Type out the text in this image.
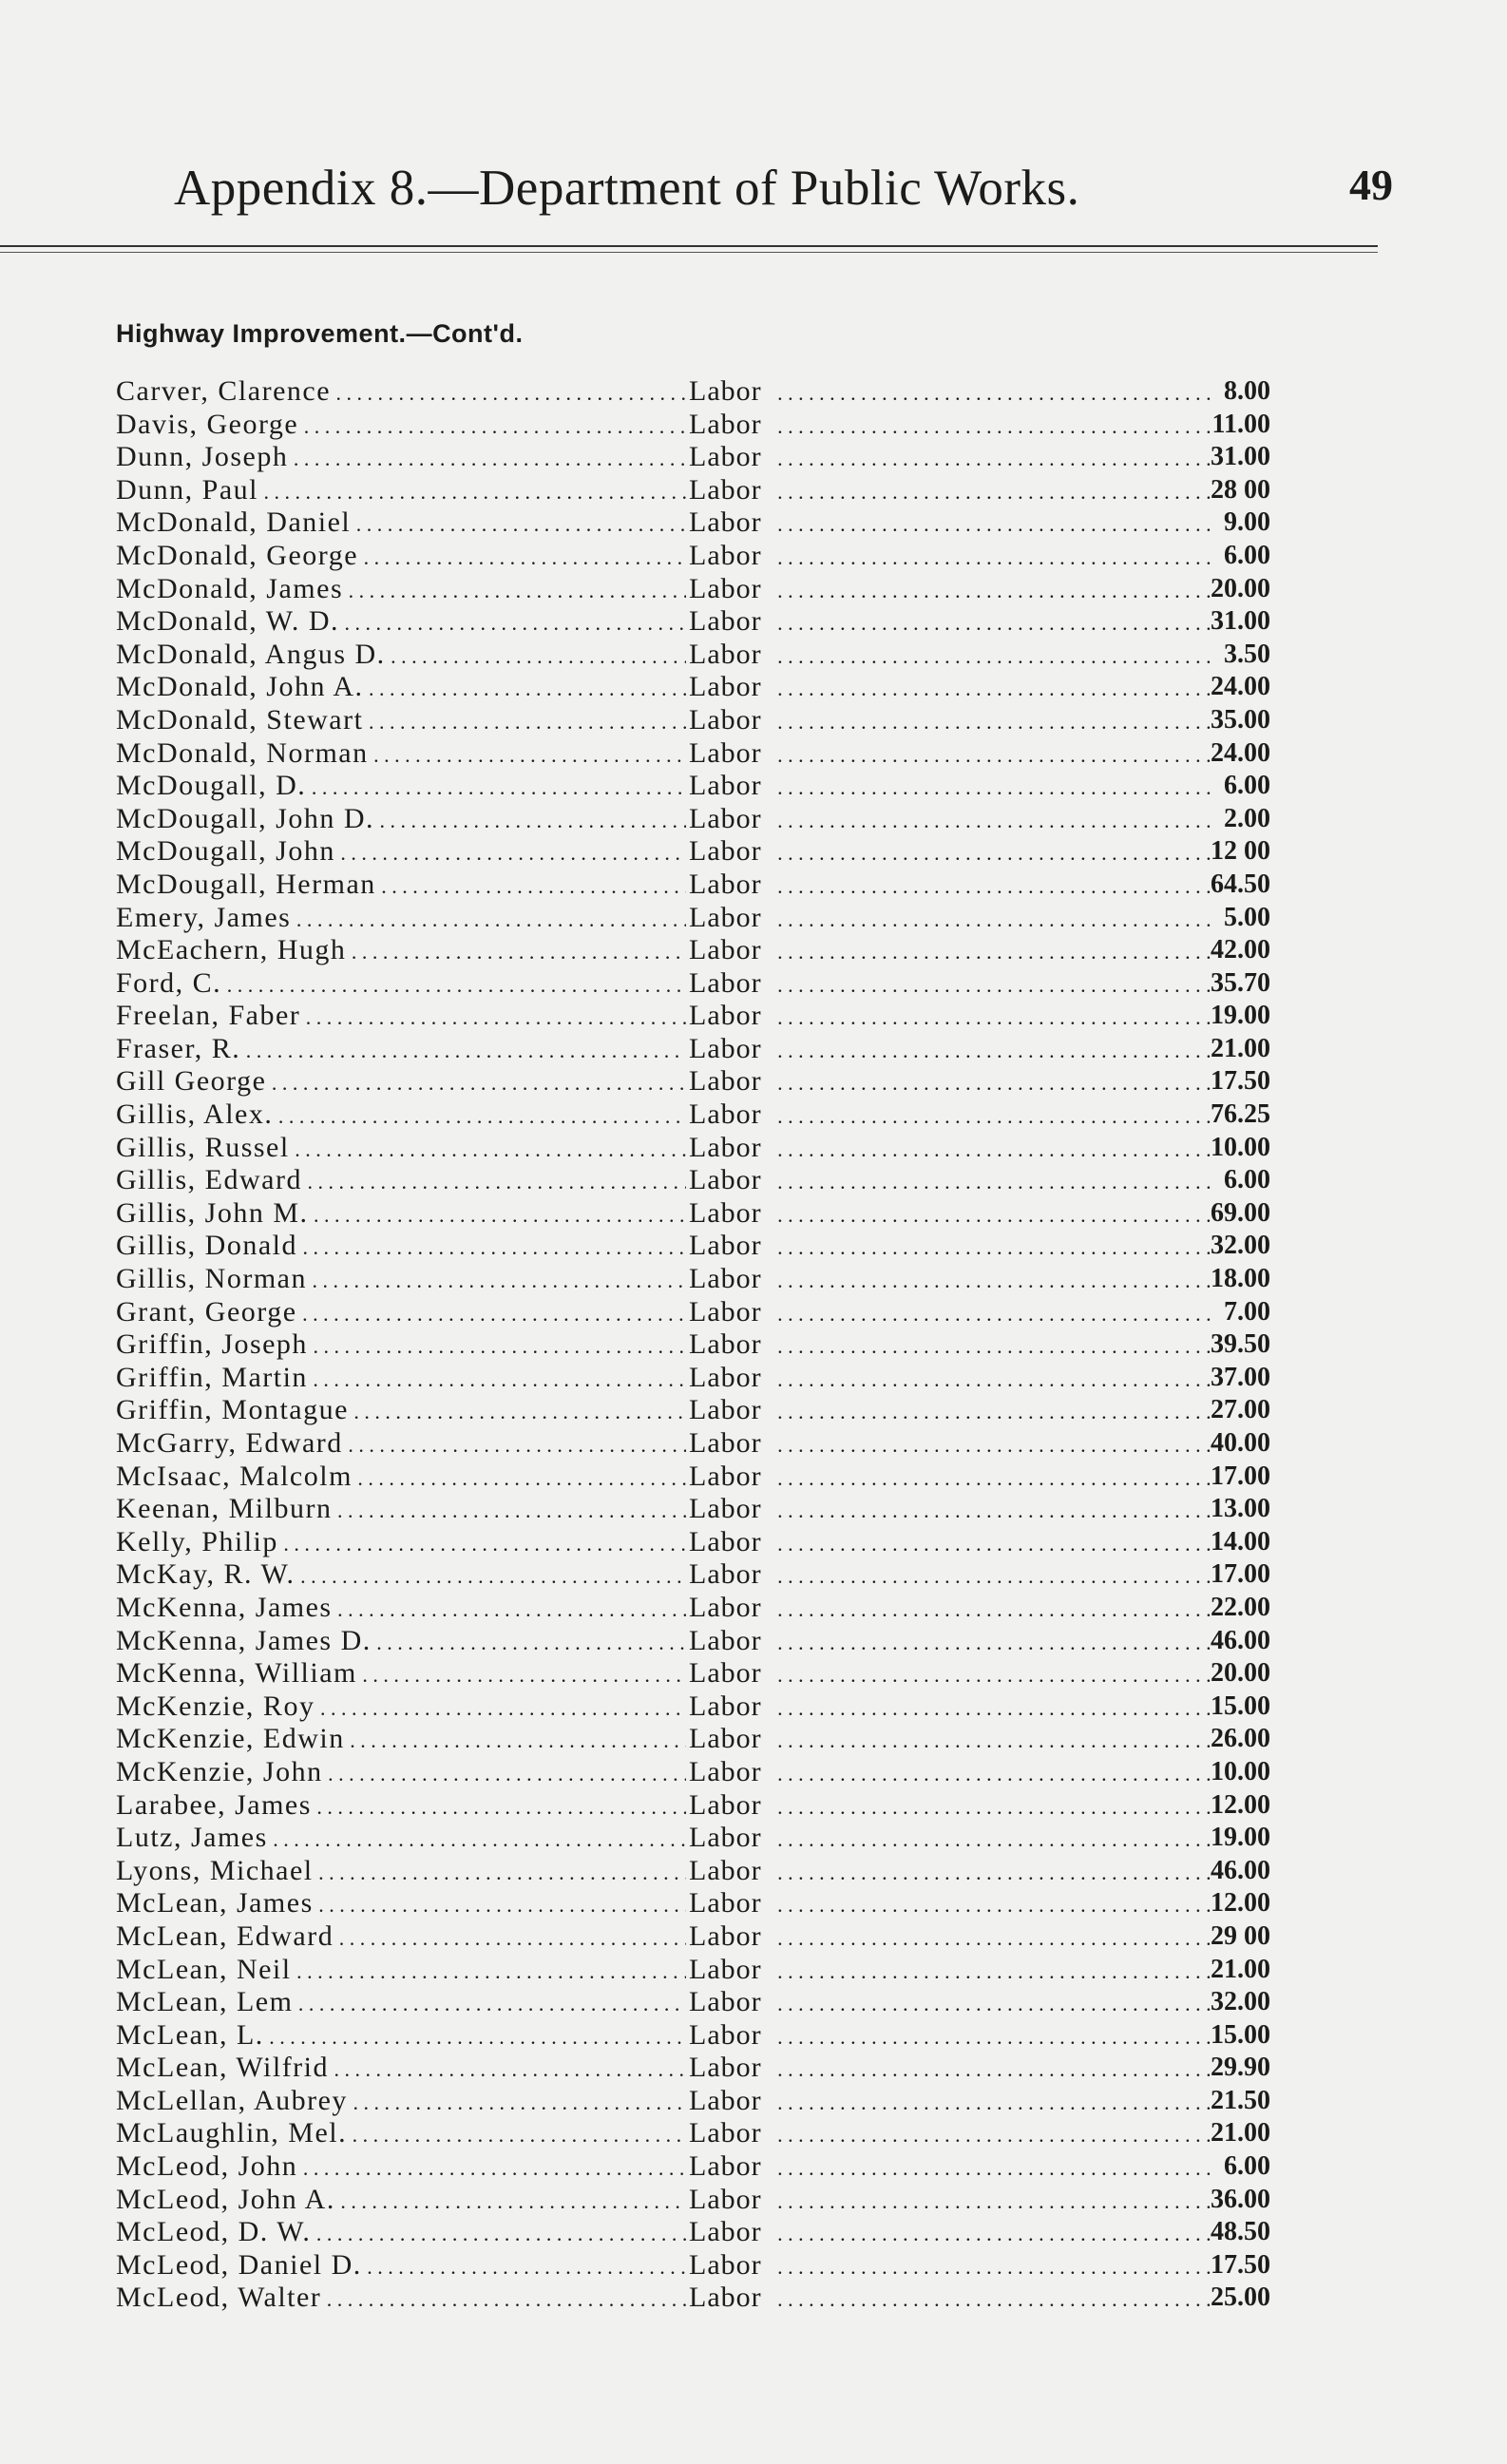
Appendix 8.—Department of Public Works.	49
Highway Improvement.—Cont'd.
Carver, Clarence . . .	Labor . . .	8.00
Davis, George . . .	Labor . . .	11.00
Dunn, Joseph . . .	Labor . . .	31.00
Dunn, Paul . . .	Labor . . .	28 00
McDonald, Daniel . . .	Labor . . .	9.00
McDonald, George . . .	Labor . . .	6.00
McDonald, James . . .	Labor . . .	20.00
McDonald, W. D. . . .	Labor . . .	31.00
McDonald, Angus D. . . .	Labor . . .	3.50
McDonald, John A. . . .	Labor . . .	24.00
McDonald, Stewart . . .	Labor . . .	35.00
McDonald, Norman . . .	Labor . . .	24.00
McDougall, D. . . .	Labor . . .	6.00
McDougall, John D. . . .	Labor . . .	2.00
McDougall, John . . .	Labor . . .	12 00
McDougall, Herman . . .	Labor . . .	64.50
Emery, James . . .	Labor . . .	5.00
McEachern, Hugh . . .	Labor . . .	42.00
Ford, C. . . .	Labor . . .	35.70
Freelan, Faber . . .	Labor . . .	19.00
Fraser, R. . . .	Labor . . .	21.00
Gill George . . .	Labor . . .	17.50
Gillis, Alex. . . .	Labor . . .	76.25
Gillis, Russel . . .	Labor . . .	10.00
Gillis, Edward . . .	Labor . . .	6.00
Gillis, John M. . . .	Labor . . .	69.00
Gillis, Donald . . .	Labor . . .	32.00
Gillis, Norman . . .	Labor . . .	18.00
Grant, George . . .	Labor . . .	7.00
Griffin, Joseph . . .	Labor . . .	39.50
Griffin, Martin . . .	Labor . . .	37.00
Griffin, Montague . . .	Labor . . .	27.00
McGarry, Edward . . .	Labor . . .	40.00
McIsaac, Malcolm . . .	Labor . . .	17.00
Keenan, Milburn . . .	Labor . . .	13.00
Kelly, Philip . . .	Labor . . .	14.00
McKay, R. W. . . .	Labor . . .	17.00
McKenna, James . . .	Labor . . .	22.00
McKenna, James D. . . .	Labor . . .	46.00
McKenna, William . . .	Labor . . .	20.00
McKenzie, Roy . . .	Labor . . .	15.00
McKenzie, Edwin . . .	Labor . . .	26.00
McKenzie, John . . .	Labor . . .	10.00
Larabee, James . . .	Labor . . .	12.00
Lutz, James . . .	Labor . . .	19.00
Lyons, Michael . . .	Labor . . .	46.00
McLean, James . . .	Labor . . .	12.00
McLean, Edward . . .	Labor . . .	29 00
McLean, Neil . . .	Labor . . .	21.00
McLean, Lem . . .	Labor . . .	32.00
McLean, L. . . .	Labor . . .	15.00
McLean, Wilfrid . . .	Labor . . .	29.90
McLellan, Aubrey . . .	Labor . . .	21.50
McLaughlin, Mel. . . .	Labor . . .	21.00
McLeod, John . . .	Labor . . .	6.00
McLeod, John A. . . .	Labor . . .	36.00
McLeod, D. W. . . .	Labor . . .	48.50
McLeod, Daniel D. . . .	Labor . . .	17.50
McLeod, Walter . . .	Labor . . .	25.00
